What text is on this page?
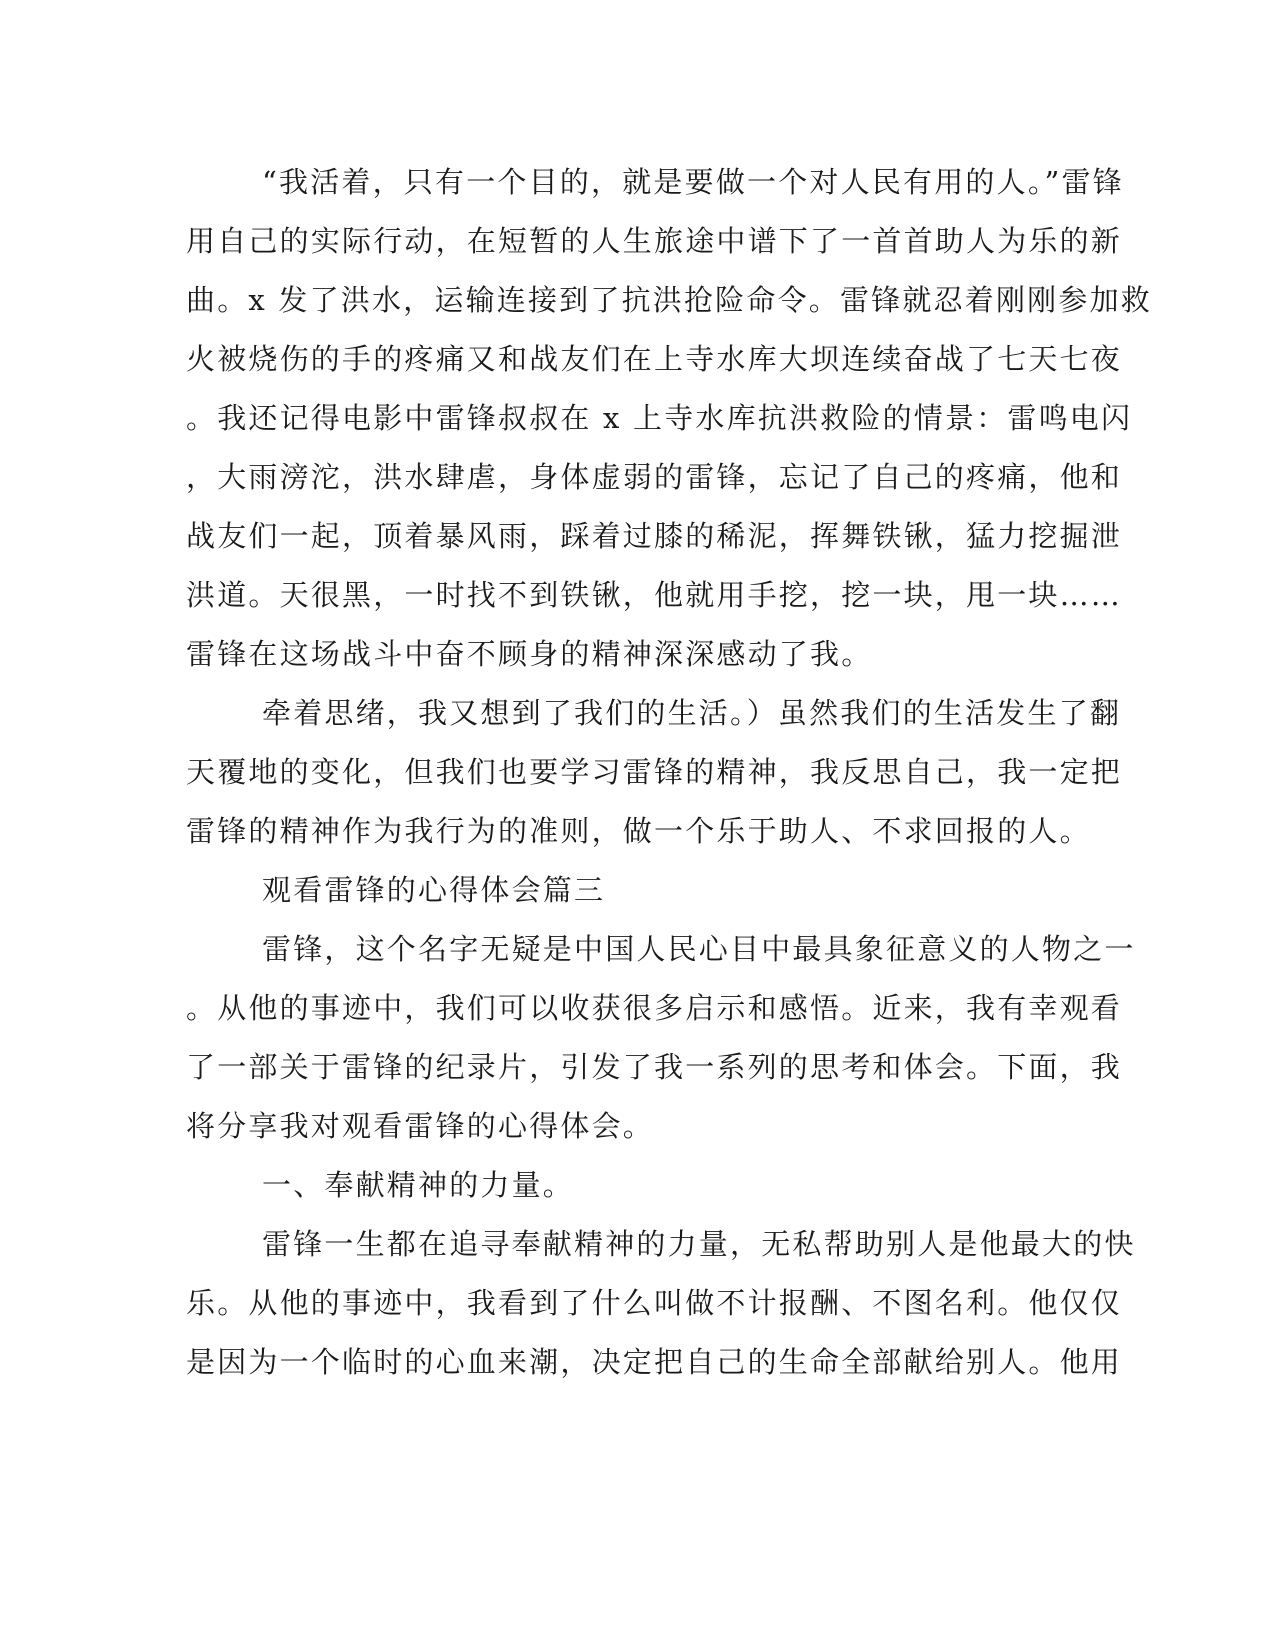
“我活着，只有一个目的，就是要做一个对人民有用的人。”雷锋
用自己的实际行动，在短暂的人生旅途中谱下了一首首助人为乐的新
曲。x 发了洪水，运输连接到了抗洪抢险命令。雷锋就忍着刚刚参加救
火被烧伤的手的疼痛又和战友们在上寺水库大坝连续奋战了七天七夜
。我还记得电影中雷锋叔叔在 x 上寺水库抗洪救险的情景：雷鸣电闪
，大雨滂沱，洪水肆虐，身体虚弱的雷锋，忘记了自己的疼痛，他和
战友们一起，顶着暴风雨，踩着过膝的稀泥，挥舞铁锹，猛力挖掘泄
洪道。天很黑，一时找不到铁锹，他就用手挖，挖一块，甩一块……
雷锋在这场战斗中奋不顾身的精神深深感动了我。
牵着思绪，我又想到了我们的生活。）虽然我们的生活发生了翻
天覆地的变化，但我们也要学习雷锋的精神，我反思自己，我一定把
雷锋的精神作为我行为的准则，做一个乐于助人、不求回报的人。
观看雷锋的心得体会篇三
雷锋，这个名字无疑是中国人民心目中最具象征意义的人物之一
。从他的事迹中，我们可以收获很多启示和感悟。近来，我有幸观看
了一部关于雷锋的纪录片，引发了我一系列的思考和体会。下面，我
将分享我对观看雷锋的心得体会。
一、奉献精神的力量。
雷锋一生都在追寻奉献精神的力量，无私帮助别人是他最大的快
乐。从他的事迹中，我看到了什么叫做不计报酬、不图名利。他仅仅
是因为一个临时的心血来潮，决定把自己的生命全部献给别人。他用
